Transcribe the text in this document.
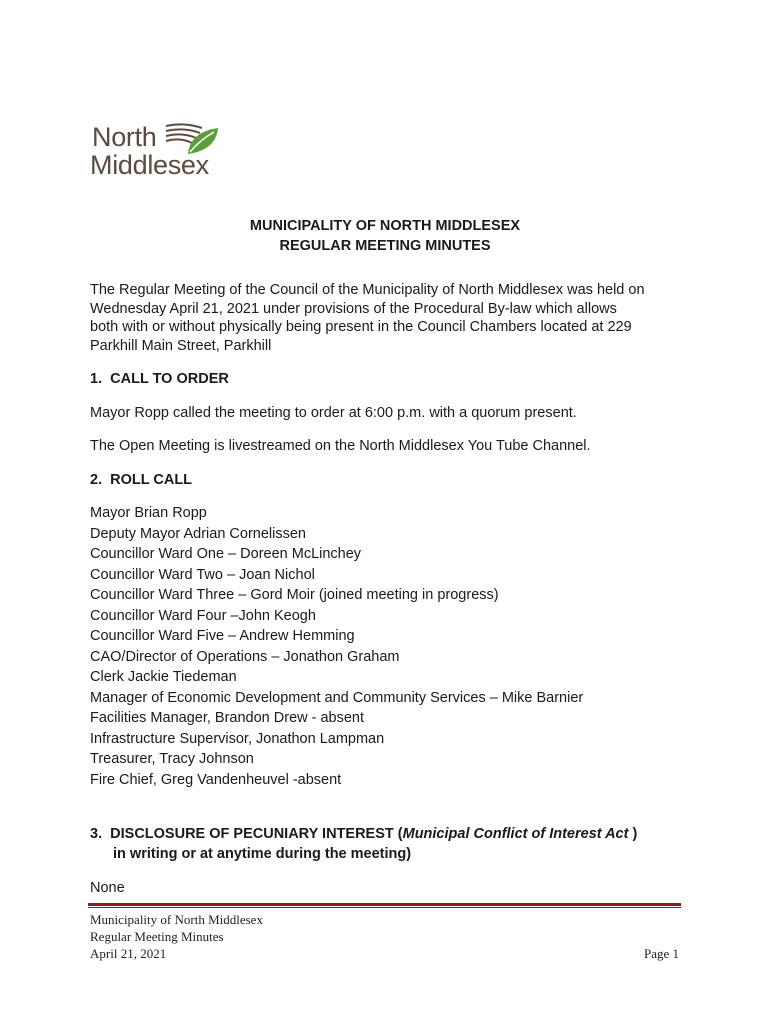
North
Middlesex
MUNICIPALITY OF NORTH MIDDLESEX
REGULAR MEETING MINUTES
The Regular Meeting of the Council of the Municipality of North Middlesex was held on
Wednesday April 21, 2021 under provisions of the Procedural By-law which allows
both with or without physically being present in the Council Chambers located at 229
Parkhill Main Street, Parkhill
1. CALL TO ORDER
Mayor Ropp called the meeting to order at 6:00 p.m. with a quorum present.
The Open Meeting is livestreamed on the North Middlesex You Tube Channel.
2. ROLL CALL
Mayor Brian Ropp
Deputy Mayor Adrian Cornelissen
Councillor Ward One – Doreen McLinchey
Councillor Ward Two – Joan Nichol
Councillor Ward Three – Gord Moir (joined meeting in progress)
Councillor Ward Four –John Keogh
Councillor Ward Five – Andrew Hemming
CAO/Director of Operations – Jonathon Graham
Clerk Jackie Tiedeman
Manager of Economic Development and Community Services – Mike Barnier
Facilities Manager, Brandon Drew - absent
Infrastructure Supervisor, Jonathon Lampman
Treasurer, Tracy Johnson
Fire Chief, Greg Vandenheuvel -absent
3. DISCLOSURE OF PECUNIARY INTEREST (Municipal Conflict of Interest Act )
in writing or at anytime during the meeting)
None
Municipality of North Middlesex
Regular Meeting Minutes
April 21, 2021	Page 1
